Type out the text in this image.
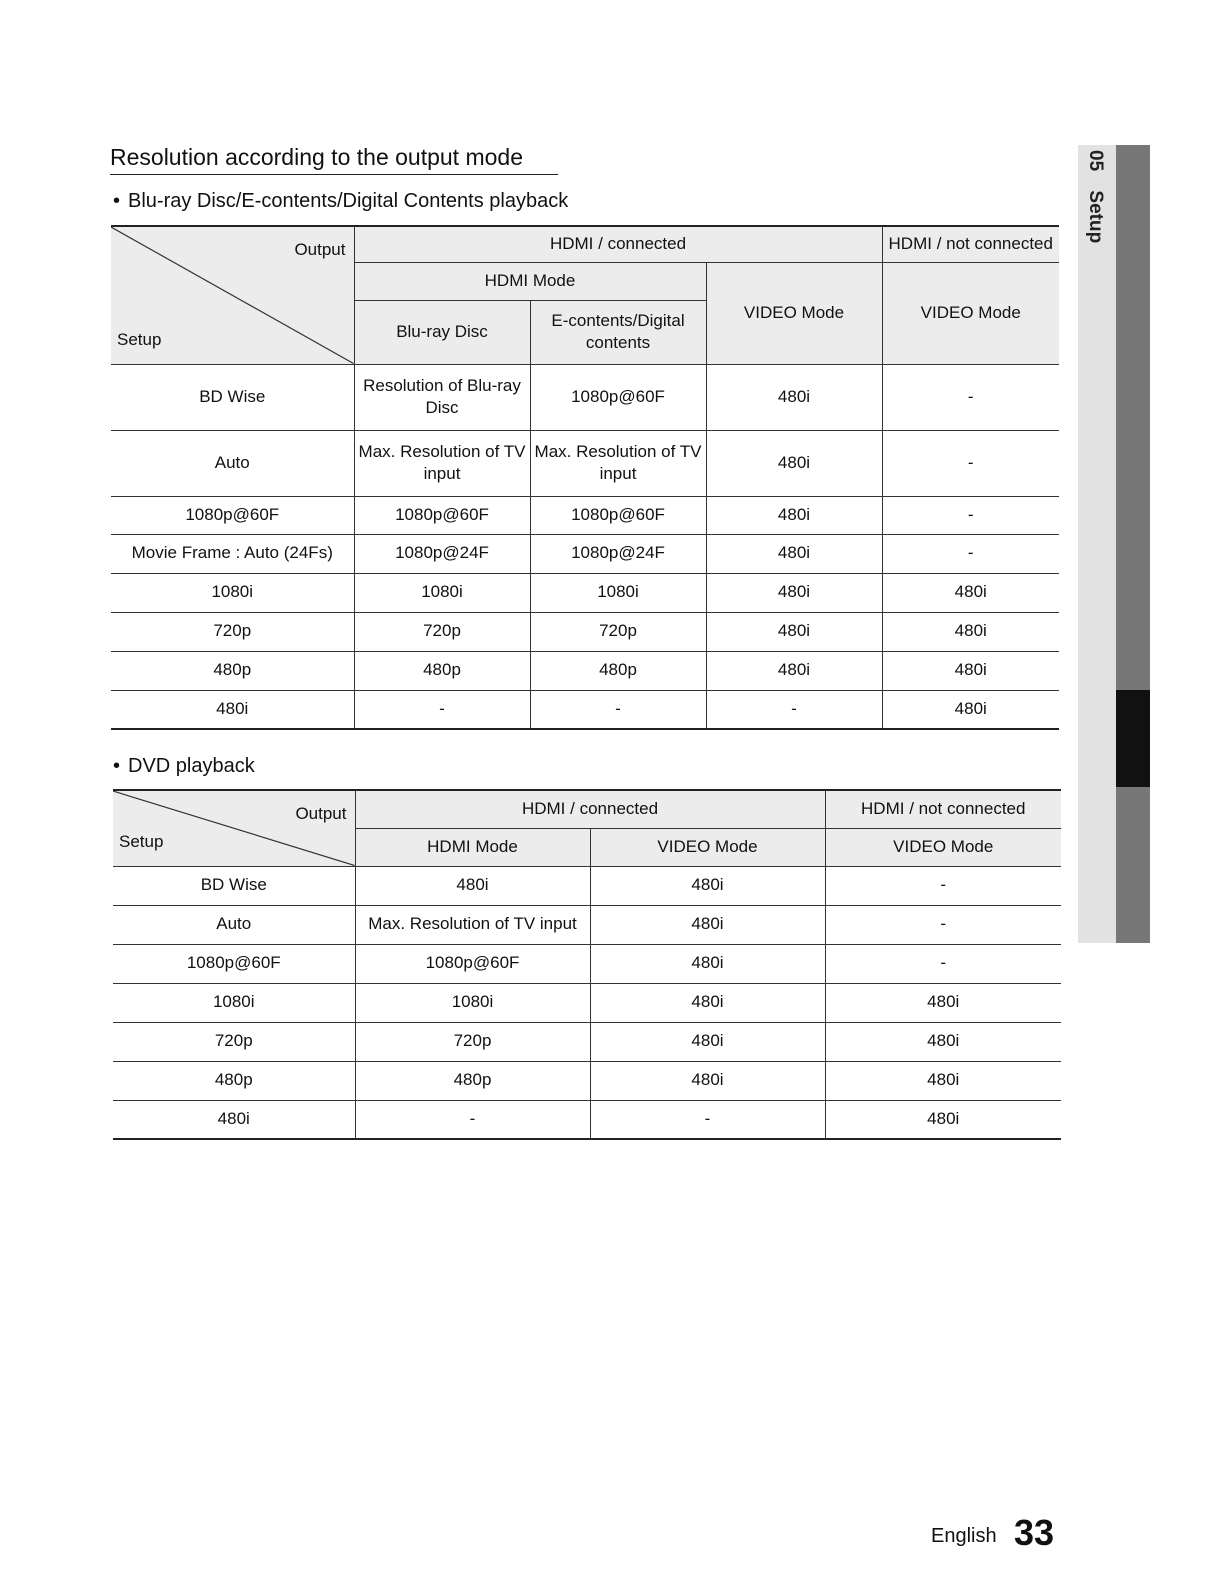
Resolution according to the output mode
• Blu-ray Disc/E-contents/Digital Contents playback
Output
Setup	HDMI / connected			HDMI / not connected
	HDMI Mode		VIDEO Mode	VIDEO Mode
	Blu-ray Disc	E-contents/Digital contents		
BD Wise	Resolution of Blu-ray Disc	1080p@60F	480i	-
Auto	Max. Resolution of TV input	Max. Resolution of TV input	480i	-
1080p@60F	1080p@60F	1080p@60F	480i	-
Movie Frame : Auto (24Fs)	1080p@24F	1080p@24F	480i	-
1080i	1080i	1080i	480i	480i
720p	720p	720p	480i	480i
480p	480p	480p	480i	480i
480i	-	-	-	480i
• DVD playback
Output
Setup	HDMI / connected		HDMI / not connected
	HDMI Mode	VIDEO Mode	VIDEO Mode
BD Wise	480i	480i	-
Auto	Max. Resolution of TV input	480i	-
1080p@60F	1080p@60F	480i	-
1080i	1080i	480i	480i
720p	720p	480i	480i
480p	480p	480i	480i
480i	-	-	480i
05 Setup
English 33
